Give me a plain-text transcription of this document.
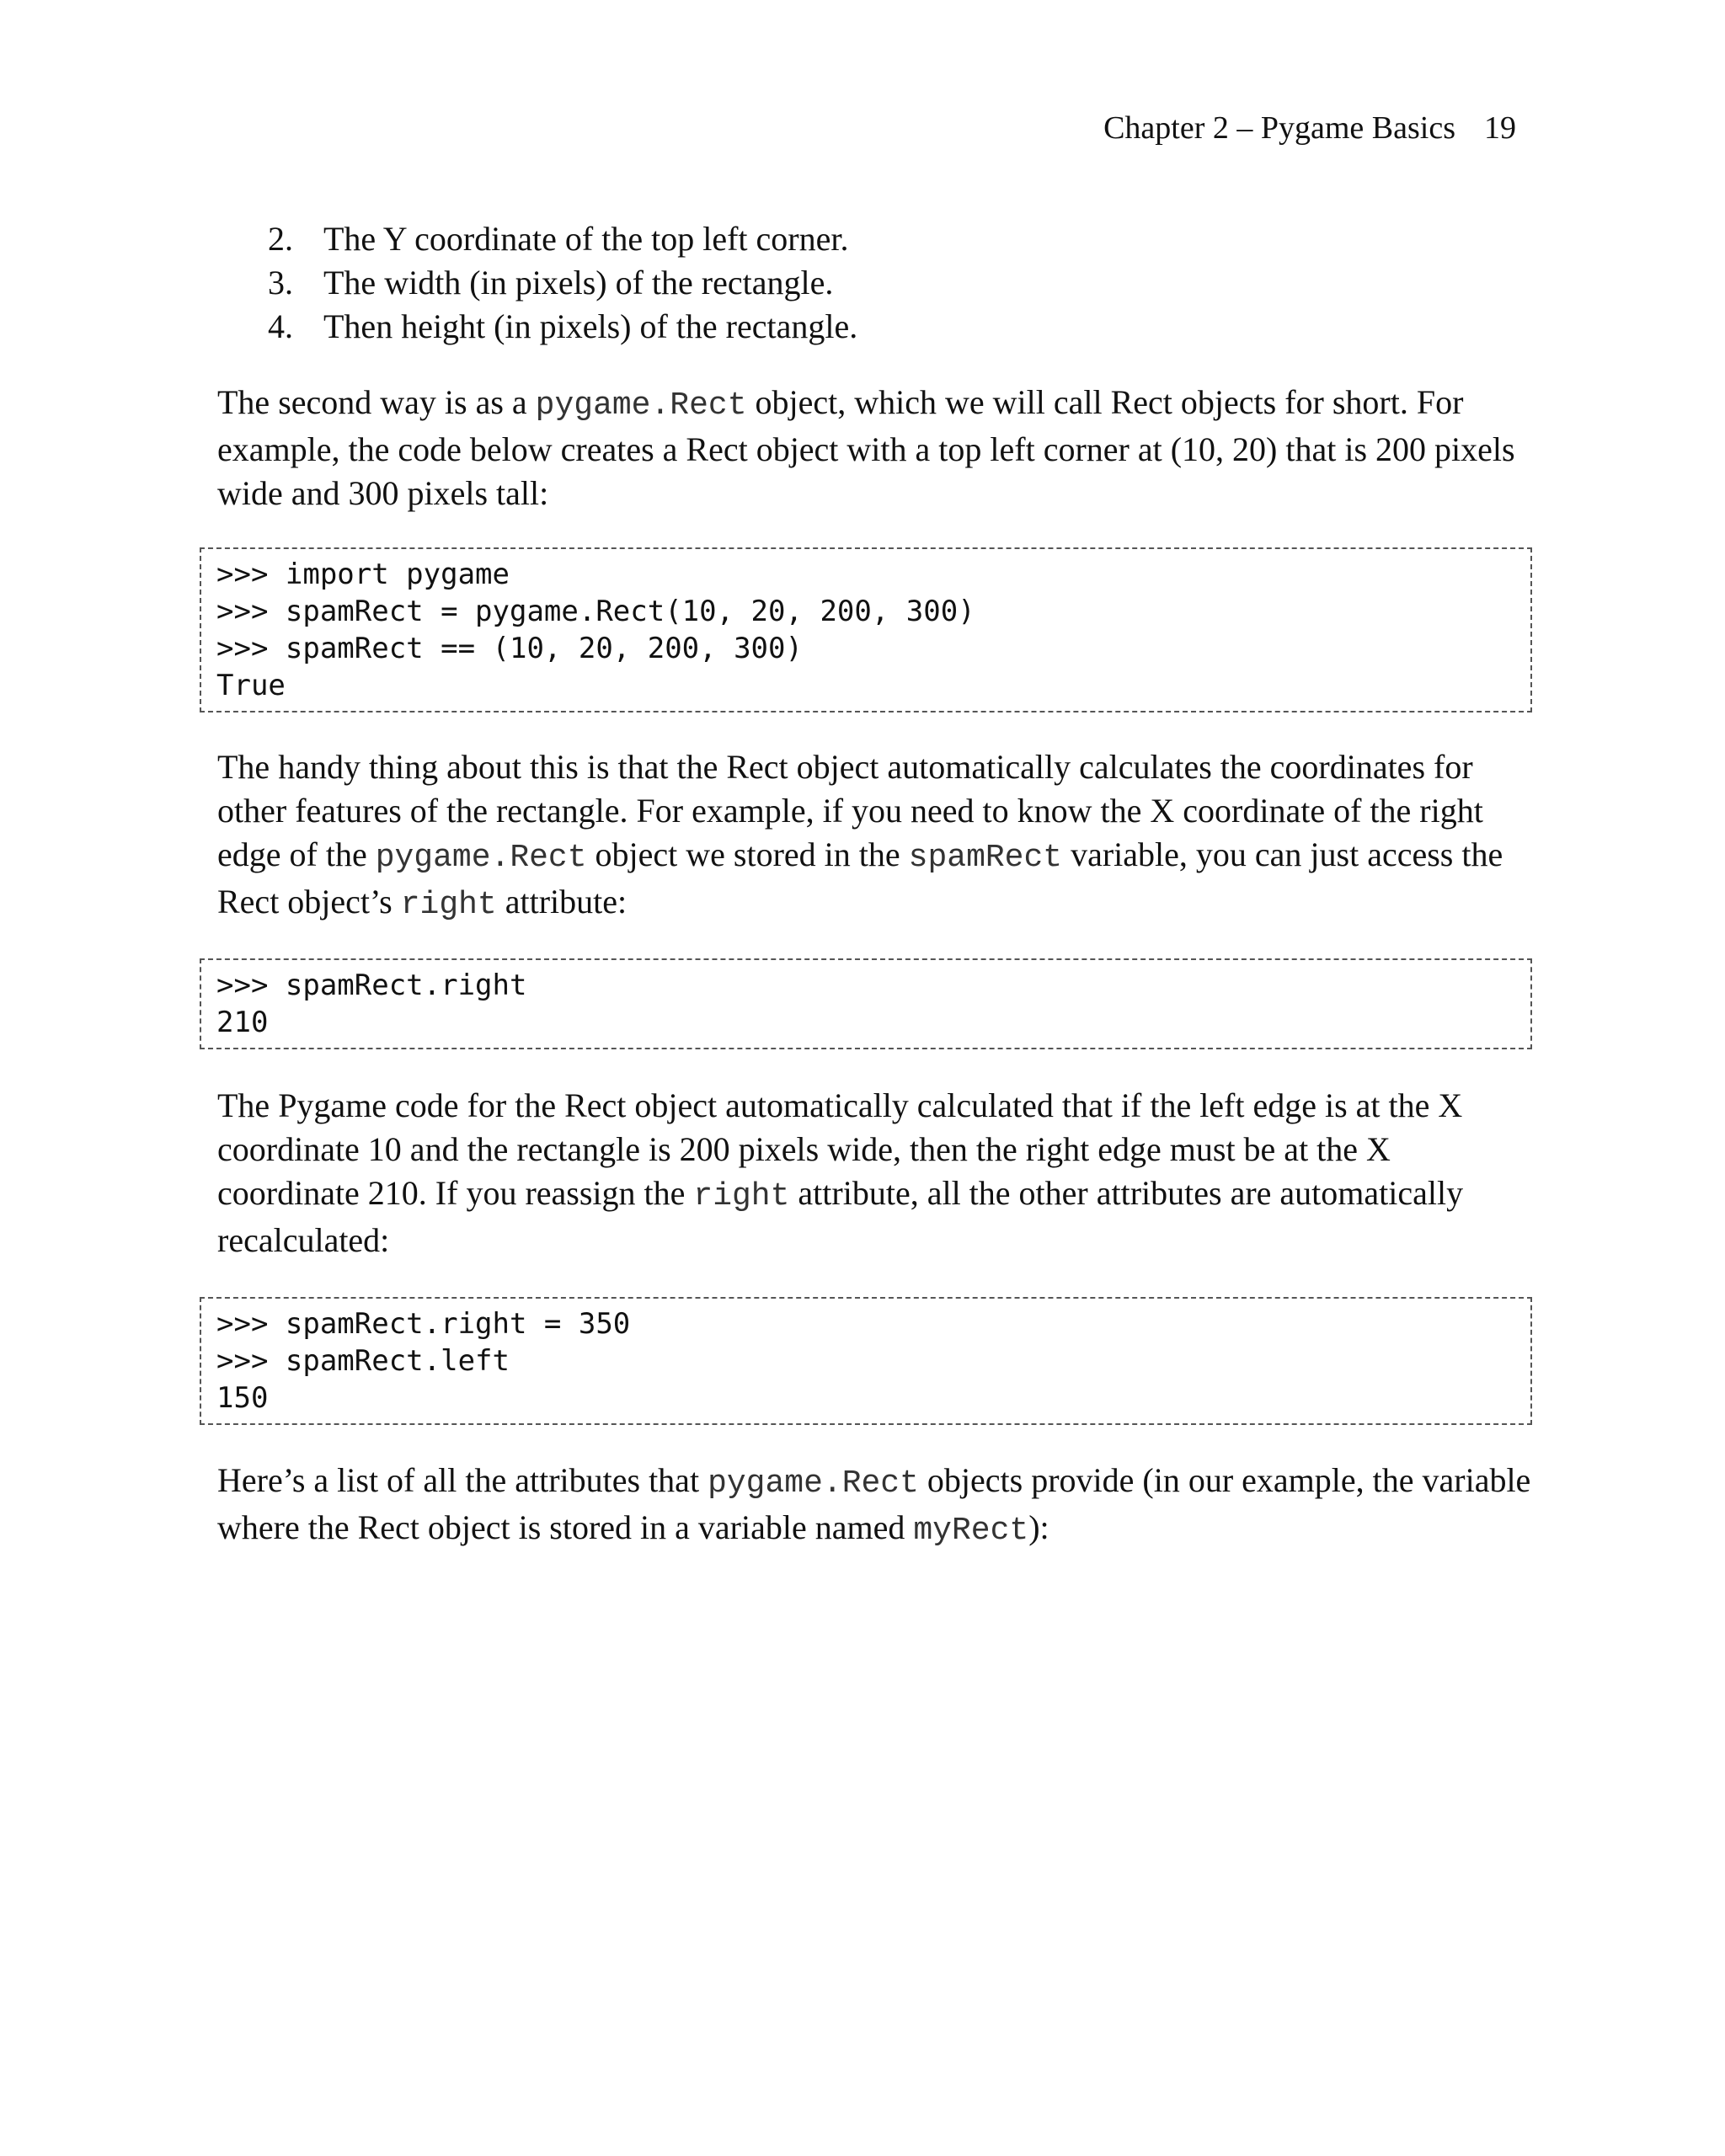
Chapter 2 – Pygame Basics 19
2. The Y coordinate of the top left corner.
3. The width (in pixels) of the rectangle.
4. Then height (in pixels) of the rectangle.

The second way is as a pygame.Rect object, which we will call Rect objects for short. For example, the code below creates a Rect object with a top left corner at (10, 20) that is 200 pixels wide and 300 pixels tall:

>>> import pygame
>>> spamRect = pygame.Rect(10, 20, 200, 300)
>>> spamRect == (10, 20, 200, 300)
True

The handy thing about this is that the Rect object automatically calculates the coordinates for other features of the rectangle. For example, if you need to know the X coordinate of the right edge of the pygame.Rect object we stored in the spamRect variable, you can just access the Rect object’s right attribute:

>>> spamRect.right
210

The Pygame code for the Rect object automatically calculated that if the left edge is at the X coordinate 10 and the rectangle is 200 pixels wide, then the right edge must be at the X coordinate 210. If you reassign the right attribute, all the other attributes are automatically recalculated:

>>> spamRect.right = 350
>>> spamRect.left
150

Here’s a list of all the attributes that pygame.Rect objects provide (in our example, the variable where the Rect object is stored in a variable named myRect):
